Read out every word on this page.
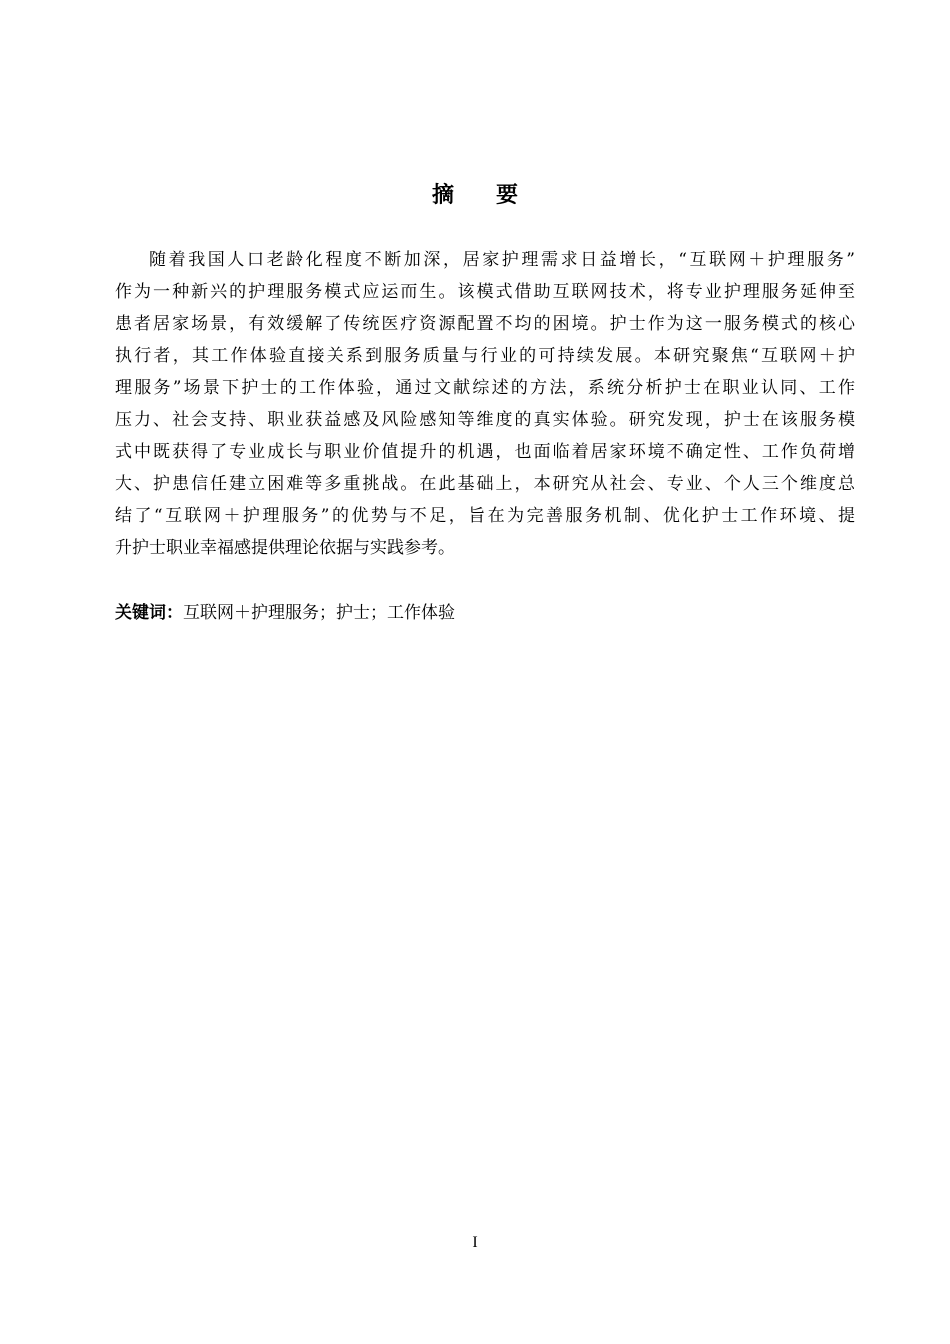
摘 要
随着我国人口老龄化程度不断加深，居家护理需求日益增长，“互联网＋护理服务”
作为一种新兴的护理服务模式应运而生。该模式借助互联网技术，将专业护理服务延伸至
患者居家场景，有效缓解了传统医疗资源配置不均的困境。护士作为这一服务模式的核心
执行者，其工作体验直接关系到服务质量与行业的可持续发展。本研究聚焦“互联网＋护
理服务”场景下护士的工作体验，通过文献综述的方法，系统分析护士在职业认同、工作
压力、社会支持、职业获益感及风险感知等维度的真实体验。研究发现，护士在该服务模
式中既获得了专业成长与职业价值提升的机遇，也面临着居家环境不确定性、工作负荷增
大、护患信任建立困难等多重挑战。在此基础上，本研究从社会、专业、个人三个维度总
结了“互联网＋护理服务”的优势与不足，旨在为完善服务机制、优化护士工作环境、提
升护士职业幸福感提供理论依据与实践参考。
关键词：互联网＋护理服务；护士；工作体验
I
